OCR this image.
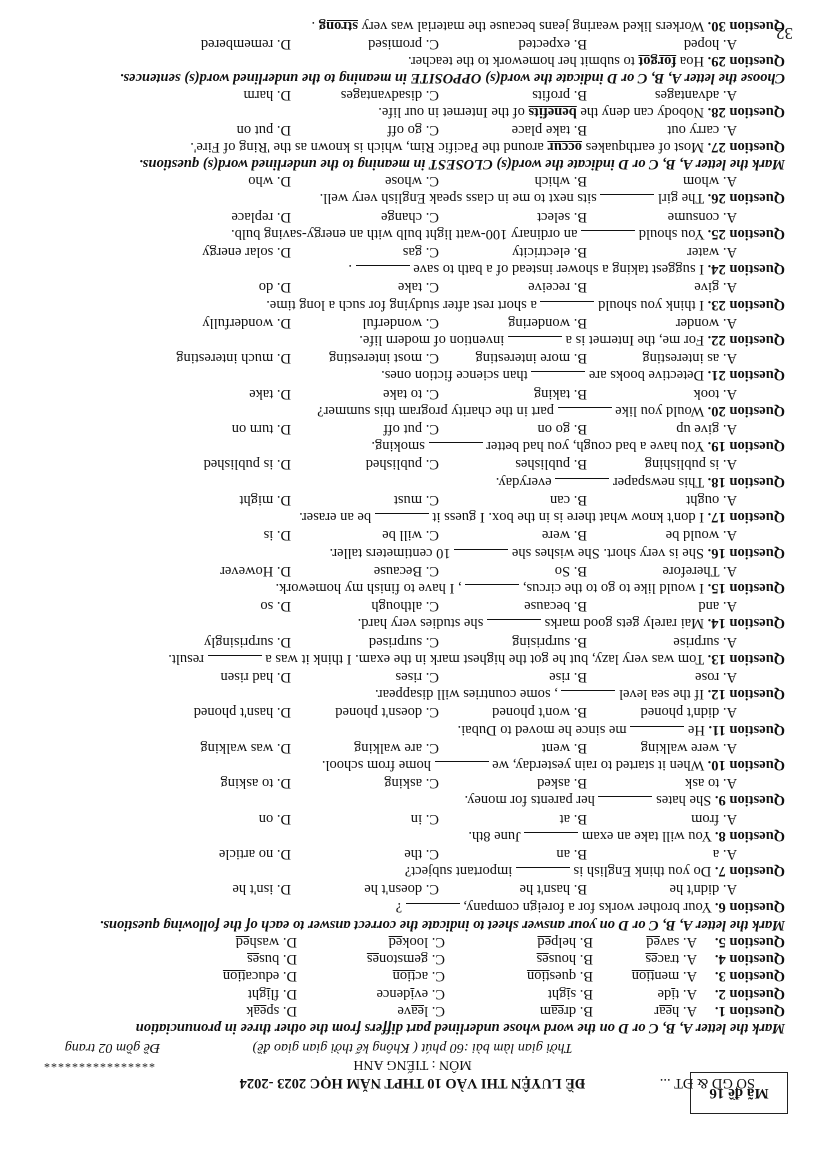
SỞ GD & ĐT ...
ĐỀ LUYỆN THI VÀO 10 THPT NĂM HỌC 2023 -2024
MÔN : TIẾNG ANH
Thời gian làm bài :60 phút ( Không kể thời gian giao đề)
****************
Đề gồm 02 trang
Mã đề 16
Mark the letter A, B, C or D on the word whose underlined part differs from the other three in pronunciation
Question 1.
A. hear
B. dream
C. leave
D. speak
Question 2.
A. tide
B. sight
C. evidence
D. flight
Question 3.
A. mention
B. question
C. action
D. education
Question 4.
A. traces
B. houses
C. gemstones
D. buses
Question 5.
A. saved
B. helped
C. looked
D. washed
Mark the letter A, B, C or D on your answer sheet to indicate the correct answer to each of the following questions.
Question 6. Your brother works for a foreign company,  ?
A. didn't he
B. hasn't he
C. doesn't he
D. isn't he
Question 7. Do you think English is  important subject?
A. a
B. an
C. the
D. no article
Question 8. You will take an exam  June 8th.
A. from
B. at
C. in
D. on
Question 9. She hates  her parents for money.
A. to ask
B. asked
C. asking
D. to asking
Question 10. When it started to rain yesterday, we  home from school.
A. were walking
B. went
C. are walking
D. was walking
Question 11. He  me since he moved to Dubai.
A. didn't phoned
B. won't phoned
C. doesn't phoned
D. hasn't phoned
Question 12. If the sea level  , some countries will disappear.
A. rose
B. rise
C. rises
D. had risen
Question 13. Tom was very lazy, but he got the highest mark in the exam. I think it was a  result.
A. surprise
B. surprising
C. surprised
D. surprisingly
Question 14. Mai rarely gets good marks  she studies very hard.
A. and
B. because
C. although
D. so
Question 15. I would like to go to the circus,  , I have to finish my homework.
A. Therefore
B. So
C. Because
D. However
Question 16. She is very short. She wishes she  10 centimeters taller.
A. would be
B. were
C. will be
D. is
Question 17. I don't know what there is in the box. I guess it  be an eraser.
A. ought
B. can
C. must
D. might
Question 18. This newspaper  everyday.
A. is publishing
B. publishes
C. published
D. is published
Question 19. You have a bad cough, you had better  smoking.
A. give up
B. go on
C. put off
D. turn on
Question 20. Would you like  part in the charity program this summer?
A. took
B. taking
C. to take
D. take
Question 21. Detective books are  than science fiction ones.
A. as interesting
B. more interesting
C. most interesting
D. much interesting
Question 22. For me, the Internet is a  invention of modern life.
A. wonder
B. wondering
C. wonderful
D. wonderfully
Question 23. I think you should  a short rest after studying for such a long time.
A. give
B. receive
C. take
D. do
Question 24. I suggest taking a shower instead of a bath to save  .
A. water
B. electricity
C. gas
D. solar energy
Question 25. You should  an ordinary 100-watt light bulb with an energy-saving bulb.
A. consume
B. select
C. change
D. replace
Question 26. The girl  sits next to me in class speak English very well.
A. whom
B. which
C. whose
D. who
Mark the letter A, B, C or D indicate the word(s) CLOSEST in meaning to the underlined word(s) questions.
Question 27. Most of earthquakes occur around the Pacific Rim, which is known as the 'Ring of Fire'.
A. carry out
B. take place
C. go off
D. put on
Question 28. Nobody can deny the benefits of the Internet in our life.
A. advantages
B. profits
C. disadvantages
D. harm
Choose the letter A, B, C or D indicate the word(s) OPPOSITE in meaning to the underlined word(s) sentences.
Question 29. Hoa forgot to submit her homework to the teacher.
A. hoped
B. expected
C. promised
D. remembered
Question 30. Workers liked wearing jeans because the material was very strong .	32
